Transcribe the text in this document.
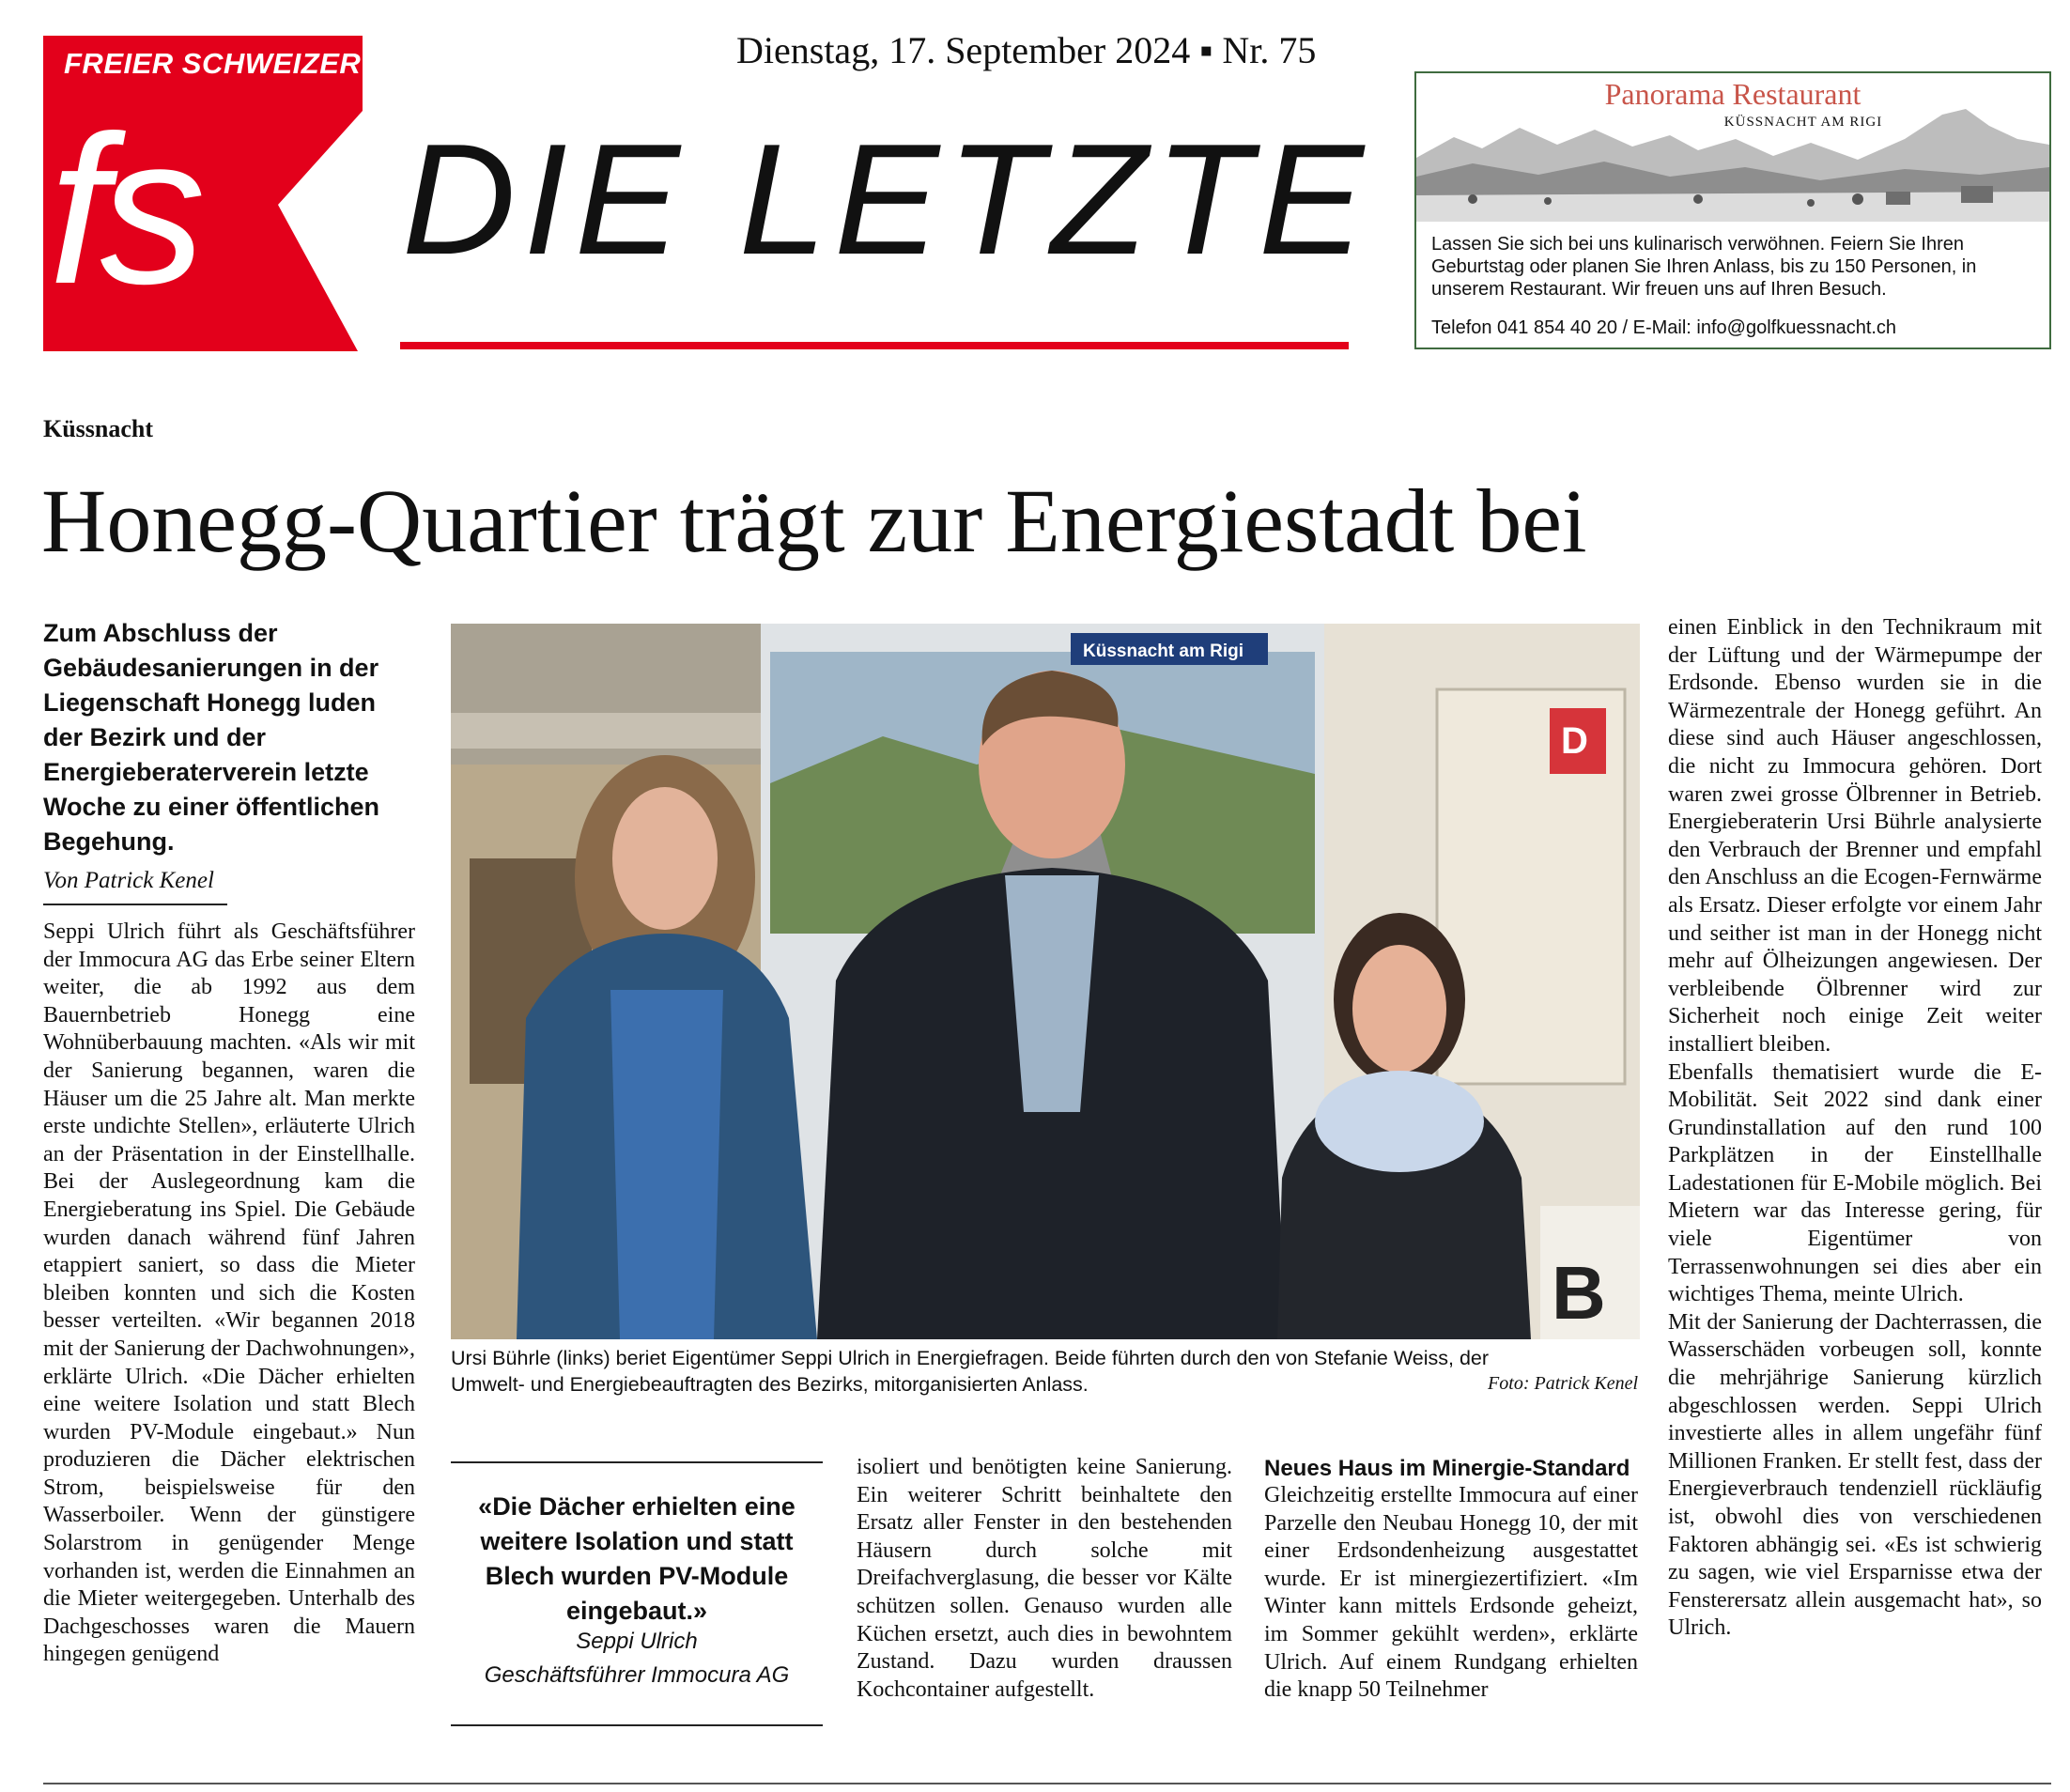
FREIER SCHWEIZER
fs
Dienstag, 17. September 2024 ▪ Nr. 75
DIE LETZTE
Panorama Restaurant
KÜSSNACHT AM RIGI
Lassen Sie sich bei uns kulinarisch verwöhnen. Feiern Sie Ihren Geburtstag oder planen Sie Ihren Anlass, bis zu 150 Personen, in unserem Restaurant. Wir freuen uns auf Ihren Besuch.
Telefon 041 854 40 20 / E-Mail: info@golfkuessnacht.ch
Küssnacht
Honegg-Quartier trägt zur Energiestadt bei
Zum Abschluss der Gebäudesanierungen in der Liegenschaft Honegg luden der Bezirk und der Energieberaterverein letzte Woche zu einer öffentlichen Begehung.
Von Patrick Kenel
Seppi Ulrich führt als Geschäftsführer der Immocura AG das Erbe seiner Eltern weiter, die ab 1992 aus dem Bauernbetrieb Honegg eine Wohnüberbauung machten. «Als wir mit der Sanierung begannen, waren die Häuser um die 25 Jahre alt. Man merkte erste undichte Stellen», erläuterte Ulrich an der Präsentation in der Einstellhalle. Bei der Auslegeordnung kam die Energieberatung ins Spiel. Die Gebäude wurden danach während fünf Jahren etappiert saniert, so dass die Mieter bleiben konnten und sich die Kosten besser verteilten. «Wir begannen 2018 mit der Sanierung der Dachwohnungen», erklärte Ulrich. «Die Dächer erhielten eine weitere Isolation und statt Blech wurden PV-Module eingebaut.» Nun produzieren die Dächer elektrischen Strom, beispielsweise für den Wasserboiler. Wenn der günstigere Solarstrom in genügender Menge vorhanden ist, werden die Einnahmen an die Mieter weitergegeben. Unterhalb des Dachgeschosses waren die Mauern hingegen genügend
Küssnacht am Rigi
D
B
Ursi Bührle (links) beriet Eigentümer Seppi Ulrich in Energiefragen. Beide führten durch den von Stefanie Weiss, der Umwelt- und Energiebeauftragten des Bezirks, mitorganisierten Anlass.	Foto: Patrick Kenel
«Die Dächer erhielten eine weitere Isolation und statt Blech wurden PV-Module eingebaut.»
Seppi Ulrich
Geschäftsführer Immocura AG
isoliert und benötigten keine Sanierung. Ein weiterer Schritt beinhaltete den Ersatz aller Fenster in den bestehenden Häusern durch solche mit Dreifachverglasung, die besser vor Kälte schützen sollen. Genauso wurden alle Küchen ersetzt, auch dies in bewohntem Zustand. Dazu wurden draussen Kochcontainer aufgestellt.
Neues Haus im Minergie-Standard
Gleichzeitig erstellte Immocura auf einer Parzelle den Neubau Honegg 10, der mit einer Erdsondenheizung ausgestattet wurde. Er ist minergiezertifiziert. «Im Winter kann mittels Erdsonde geheizt, im Sommer gekühlt werden», erklärte Ulrich. Auf einem Rundgang erhielten die knapp 50 Teilnehmer
einen Einblick in den Technikraum mit der Lüftung und der Wärmepumpe der Erdsonde. Ebenso wurden sie in die Wärmezentrale der Honegg geführt. An diese sind auch Häuser angeschlossen, die nicht zu Immocura gehören. Dort waren zwei grosse Ölbrenner in Betrieb. Energieberaterin Ursi Bührle analysierte den Verbrauch der Brenner und empfahl den Anschluss an die Ecogen-Fernwärme als Ersatz. Dieser erfolgte vor einem Jahr und seither ist man in der Honegg nicht mehr auf Ölheizungen angewiesen. Der verbleibende Ölbrenner wird zur Sicherheit noch einige Zeit weiter installiert bleiben.
Ebenfalls thematisiert wurde die E-Mobilität. Seit 2022 sind dank einer Grundinstallation auf den rund 100 Parkplätzen in der Einstellhalle Ladestationen für E-Mobile möglich. Bei Mietern war das Interesse gering, für viele Eigentümer von Terrassenwohnungen sei dies aber ein wichtiges Thema, meinte Ulrich.
Mit der Sanierung der Dachterrassen, die Wasserschäden vorbeugen soll, konnte die mehrjährige Sanierung kürzlich abgeschlossen werden. Seppi Ulrich investierte alles in allem ungefähr fünf Millionen Franken. Er stellt fest, dass der Energieverbrauch tendenziell rückläufig ist, obwohl dies von verschiedenen Faktoren abhängig sei. «Es ist schwierig zu sagen, wie viel Ersparnisse etwa der Fensterersatz allein ausgemacht hat», so Ulrich.
